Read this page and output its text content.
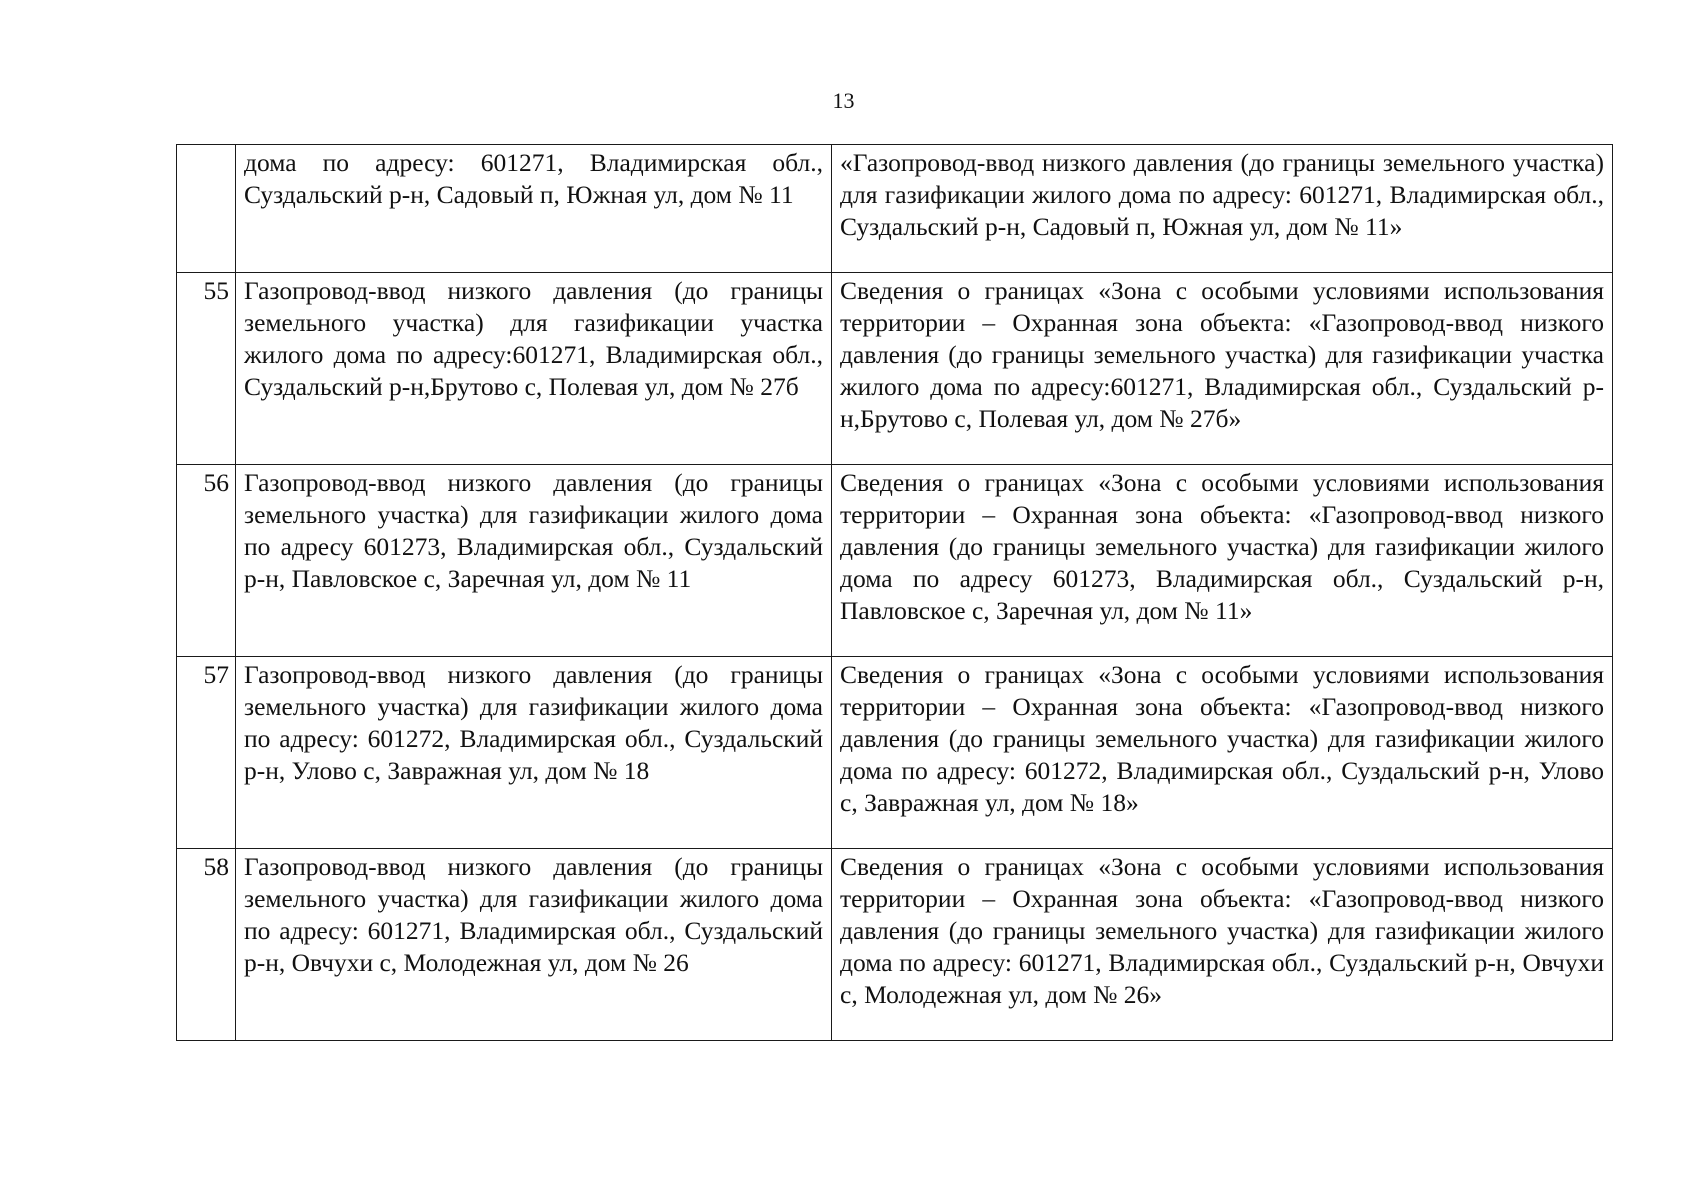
13
	дома по адресу: 601271, Владимирская обл., Суздальский р-н, Садовый п, Южная ул, дом № 11	«Газопровод-ввод низкого давления (до границы земельного участка) для газификации жилого дома по адресу: 601271, Владимирская обл., Суздальский р-н, Садовый п, Южная ул, дом № 11»
55	Газопровод-ввод низкого давления (до границы земельного участка) для газификации участка жилого дома по адресу:601271, Владимирская обл., Суздальский р-н,Брутово с, Полевая ул, дом № 27б	Сведения о границах «Зона с особыми условиями использования территории – Охранная зона объекта: «Газопровод-ввод низкого давления (до границы земельного участка) для газификации участка жилого дома по адресу:601271, Владимирская обл., Суздальский р-н,Брутово с, Полевая ул, дом № 27б»
56	Газопровод-ввод низкого давления (до границы земельного участка) для газификации жилого дома по адресу 601273, Владимирская обл., Суздальский р-н, Павловское с, Заречная ул, дом № 11	Сведения о границах «Зона с особыми условиями использования территории – Охранная зона объекта: «Газопровод-ввод низкого давления (до границы земельного участка) для газификации жилого дома по адресу 601273, Владимирская обл., Суздальский р-н, Павловское с, Заречная ул, дом № 11»
57	Газопровод-ввод низкого давления (до границы земельного участка) для газификации жилого дома по адресу: 601272, Владимирская обл., Суздальский р-н, Улово с, Завражная ул, дом № 18	Сведения о границах «Зона с особыми условиями использования территории – Охранная зона объекта: «Газопровод-ввод низкого давления (до границы земельного участка) для газификации жилого дома по адресу: 601272, Владимирская обл., Суздальский р-н, Улово с, Завражная ул, дом № 18»
58	Газопровод-ввод низкого давления (до границы земельного участка) для газификации жилого дома по адресу: 601271, Владимирская обл., Суздальский р-н, Овчухи с, Молодежная ул, дом № 26	Сведения о границах «Зона с особыми условиями использования территории – Охранная зона объекта: «Газопровод-ввод низкого давления (до границы земельного участка) для газификации жилого дома по адресу: 601271, Владимирская обл., Суздальский р-н, Овчухи с, Молодежная ул, дом № 26»
